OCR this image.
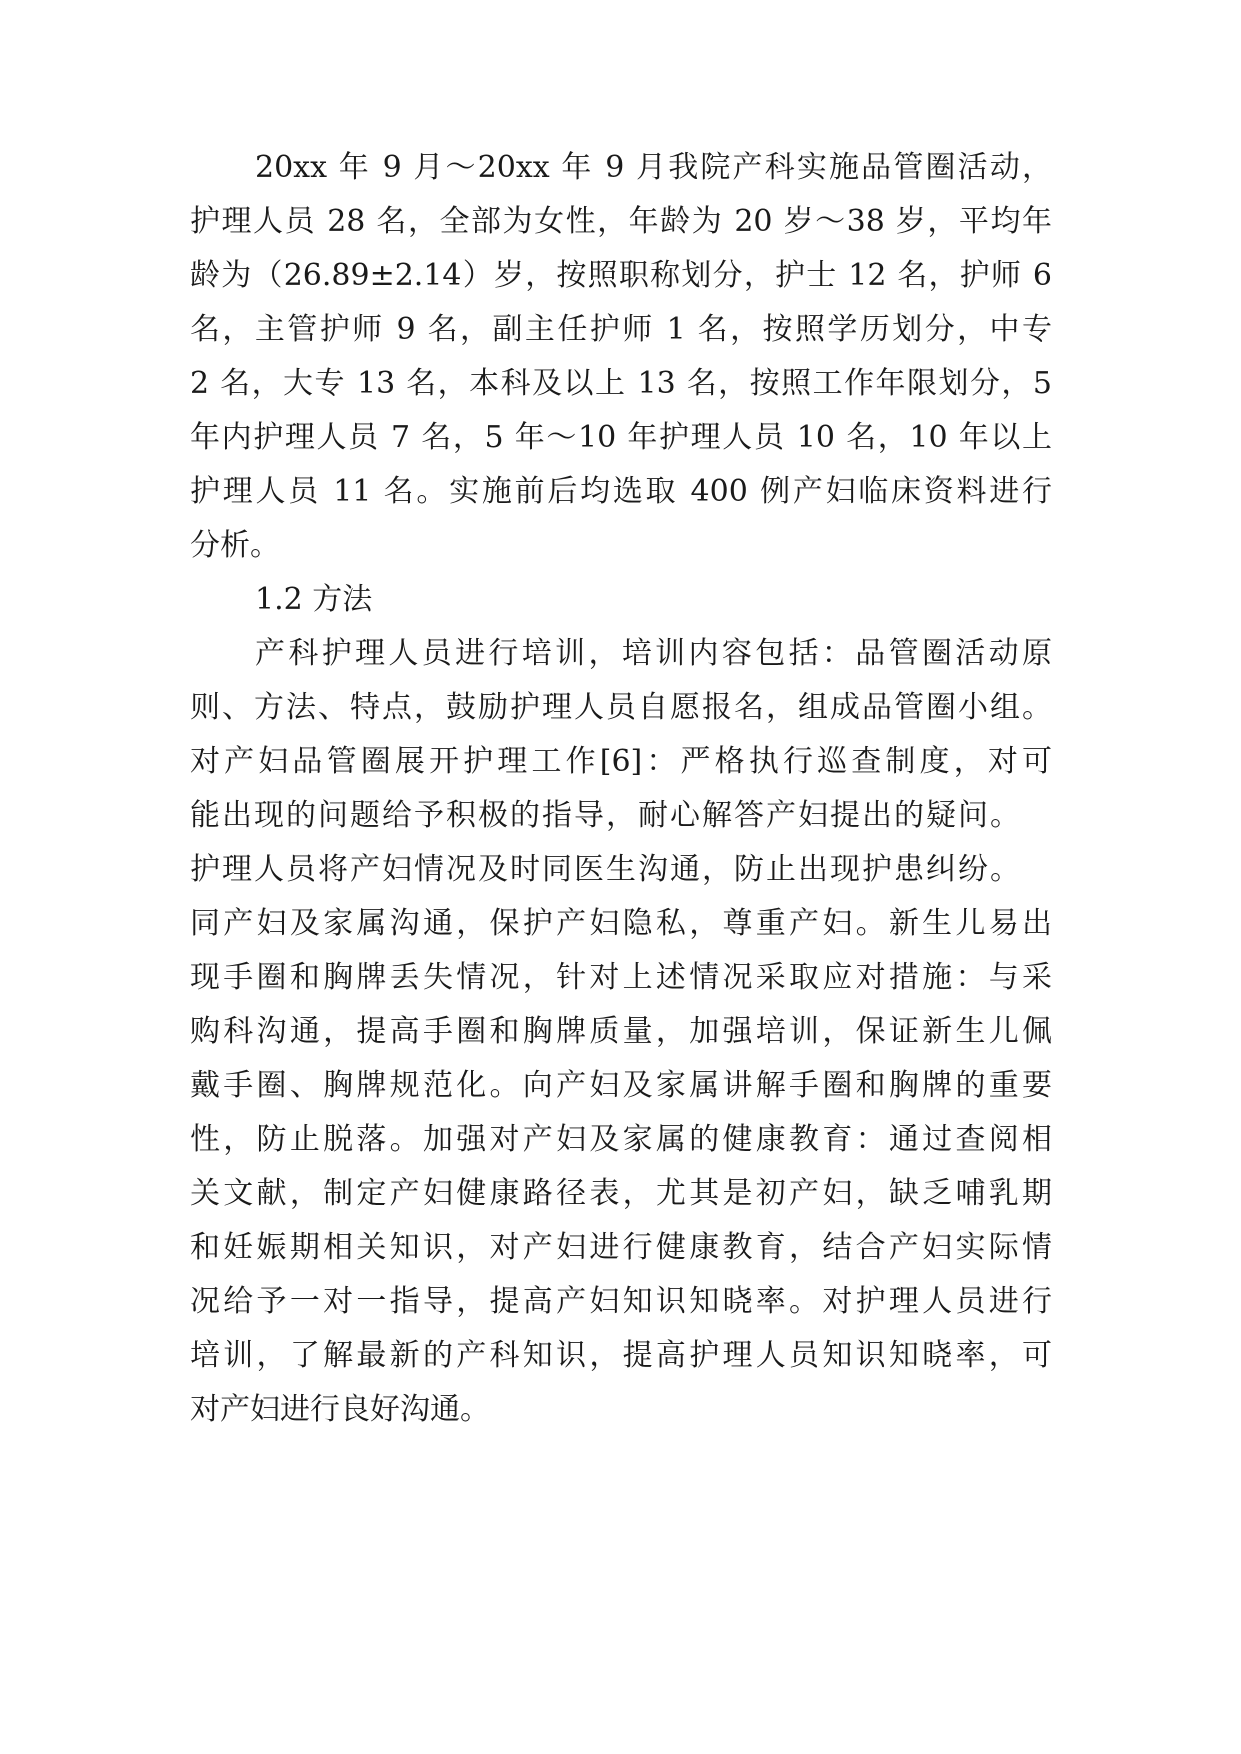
20xx 年 9 月～20xx 年 9 月我院产科实施品管圈活动，
护理人员 28 名，全部为女性，年龄为 20 岁～38 岁，平均年
龄为（26.89±2.14）岁，按照职称划分，护士 12 名，护师 6
名，主管护师 9 名，副主任护师 1 名，按照学历划分，中专
2 名，大专 13 名，本科及以上 13 名，按照工作年限划分，5
年内护理人员 7 名，5 年～10 年护理人员 10 名，10 年以上
护理人员 11 名。实施前后均选取 400 例产妇临床资料进行
分析。
1.2 方法
产科护理人员进行培训，培训内容包括：品管圈活动原
则、方法、特点，鼓励护理人员自愿报名，组成品管圈小组。
对产妇品管圈展开护理工作[6]：严格执行巡查制度，对可
能出现的问题给予积极的指导，耐心解答产妇提出的疑问。
护理人员将产妇情况及时同医生沟通，防止出现护患纠纷。
同产妇及家属沟通，保护产妇隐私，尊重产妇。新生儿易出
现手圈和胸牌丢失情况，针对上述情况采取应对措施：与采
购科沟通，提高手圈和胸牌质量，加强培训，保证新生儿佩
戴手圈、胸牌规范化。向产妇及家属讲解手圈和胸牌的重要
性，防止脱落。加强对产妇及家属的健康教育：通过查阅相
关文献，制定产妇健康路径表，尤其是初产妇，缺乏哺乳期
和妊娠期相关知识，对产妇进行健康教育，结合产妇实际情
况给予一对一指导，提高产妇知识知晓率。对护理人员进行
培训，了解最新的产科知识，提高护理人员知识知晓率，可
对产妇进行良好沟通。
